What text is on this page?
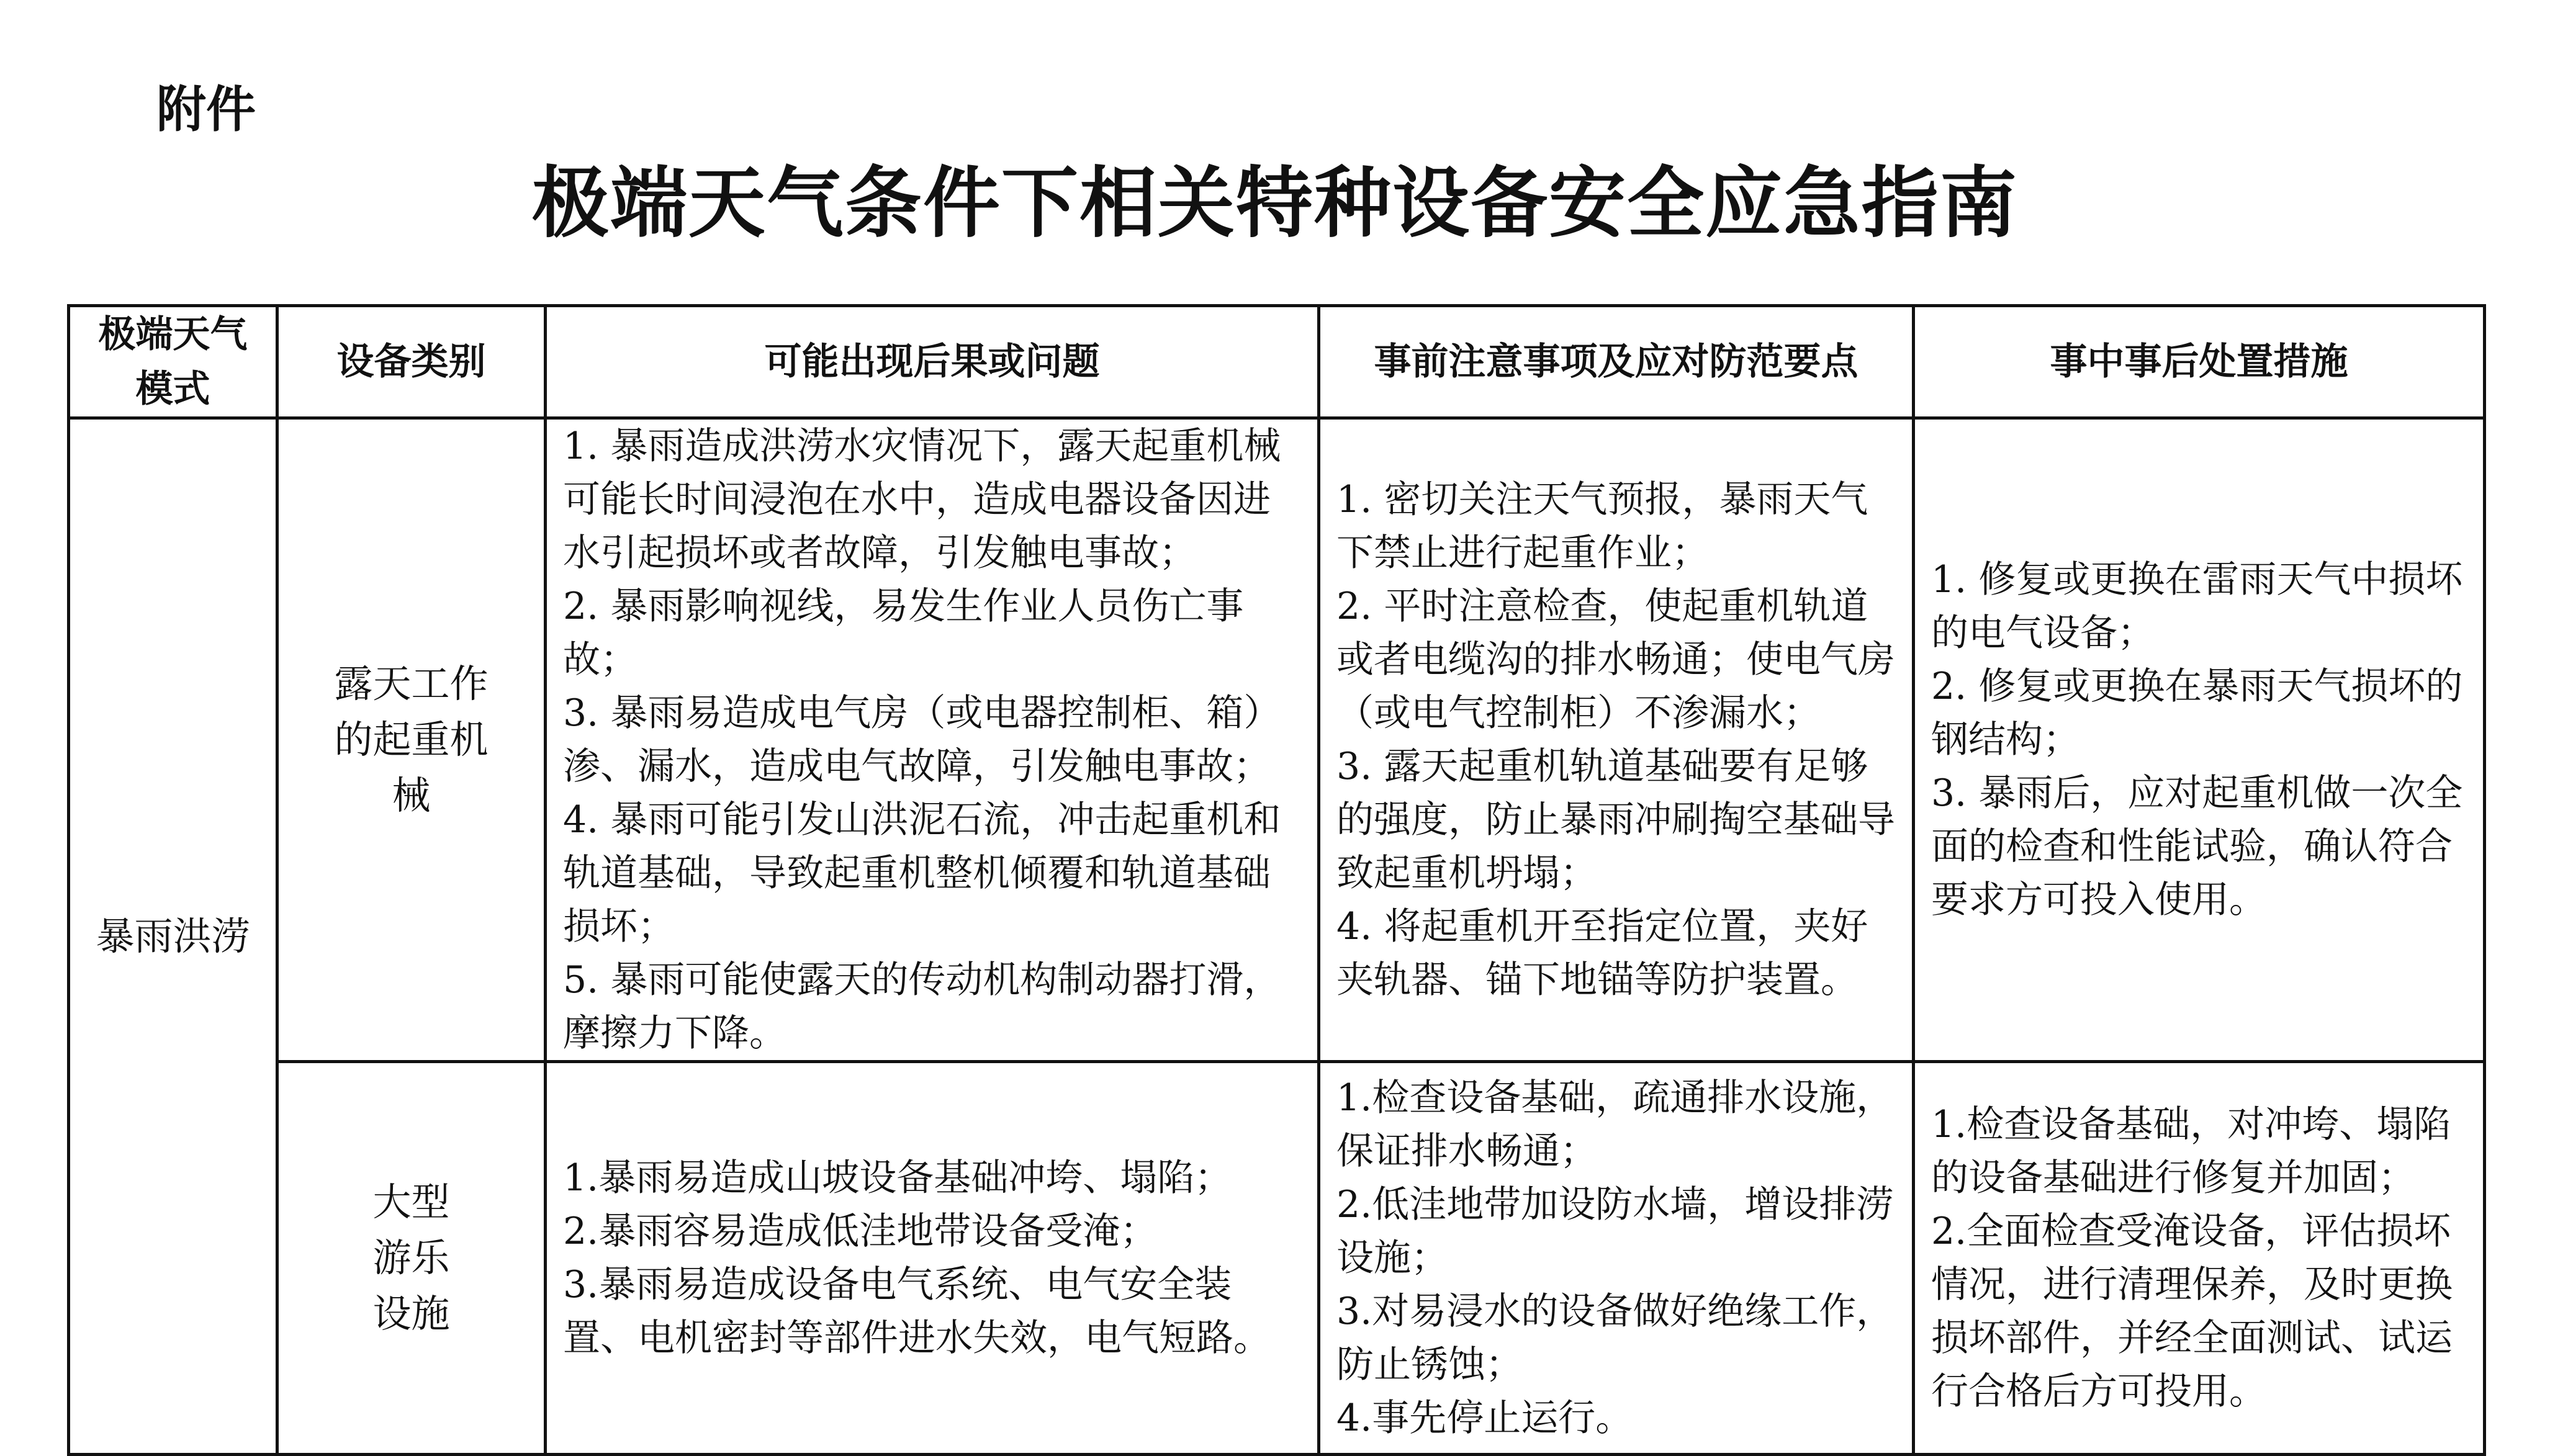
附件
极端天气条件下相关特种设备安全应急指南
极端天气模式	设备类别	可能出现后果或问题	事前注意事项及应对防范要点	事中事后处置措施
暴雨洪涝	露天工作的起重机械	1. 暴雨造成洪涝水灾情况下，露天起重机械可能长时间浸泡在水中，造成电器设备因进水引起损坏或者故障，引发触电事故；
2. 暴雨影响视线，易发生作业人员伤亡事故；
3. 暴雨易造成电气房（或电器控制柜、箱）渗、漏水，造成电气故障，引发触电事故；
4. 暴雨可能引发山洪泥石流，冲击起重机和轨道基础，导致起重机整机倾覆和轨道基础损坏；
5. 暴雨可能使露天的传动机构制动器打滑，摩擦力下降。	1. 密切关注天气预报，暴雨天气下禁止进行起重作业；
2. 平时注意检查，使起重机轨道或者电缆沟的排水畅通；使电气房（或电气控制柜）不渗漏水；
3. 露天起重机轨道基础要有足够的强度，防止暴雨冲刷掏空基础导致起重机坍塌；
4. 将起重机开至指定位置，夹好夹轨器、锚下地锚等防护装置。	1. 修复或更换在雷雨天气中损坏的电气设备；
2. 修复或更换在暴雨天气损坏的钢结构；
3. 暴雨后，应对起重机做一次全面的检查和性能试验，确认符合要求方可投入使用。

	大型游乐设施	1.暴雨易造成山坡设备基础冲垮、塌陷；
2.暴雨容易造成低洼地带设备受淹；
3.暴雨易造成设备电气系统、电气安全装置、电机密封等部件进水失效，电气短路。	1.检查设备基础，疏通排水设施，保证排水畅通；
2.低洼地带加设防水墙，增设排涝设施；
3.对易浸水的设备做好绝缘工作，防止锈蚀；
4.事先停止运行。	1.检查设备基础，对冲垮、塌陷的设备基础进行修复并加固；
2.全面检查受淹设备，评估损坏情况，进行清理保养，及时更换损坏部件，并经全面测试、试运行合格后方可投用。
